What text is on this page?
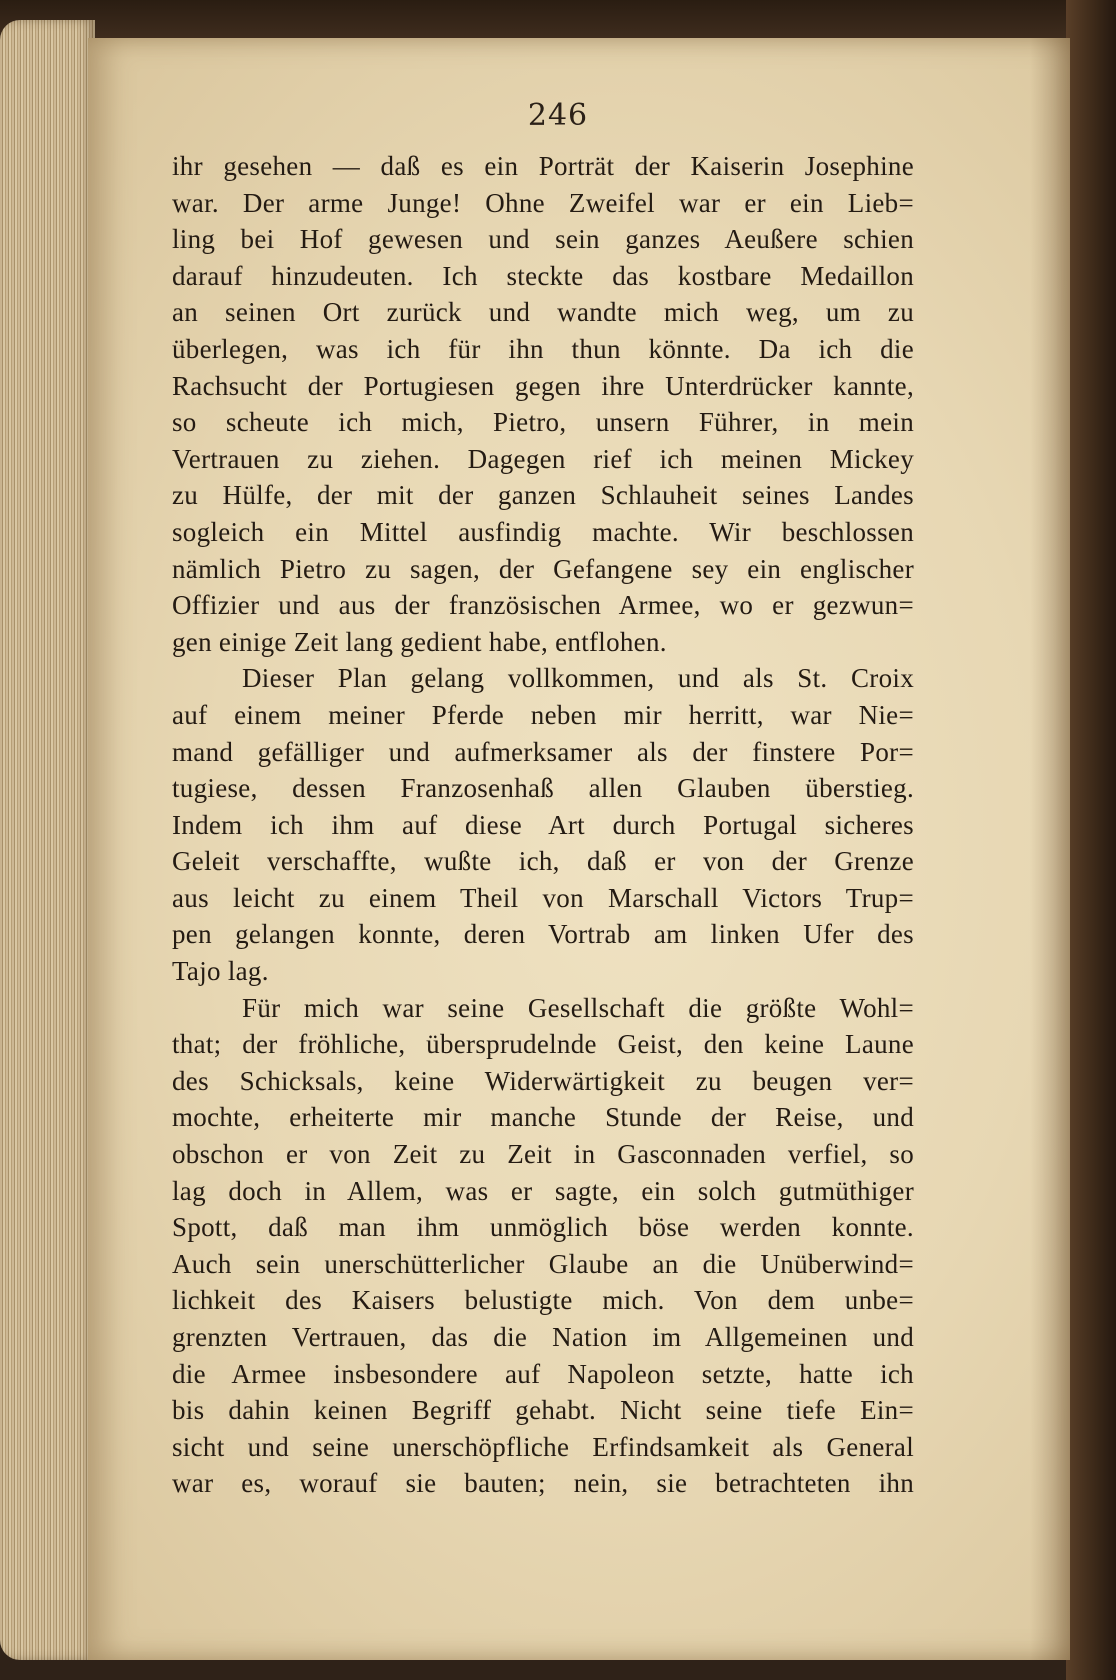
246
ihr gesehen — daß es ein Porträt der Kaiserin Josephine
war. Der arme Junge! Ohne Zweifel war er ein Lieb=
ling bei Hof gewesen und sein ganzes Aeußere schien
darauf hinzudeuten. Ich steckte das kostbare Medaillon
an seinen Ort zurück und wandte mich weg, um zu
überlegen, was ich für ihn thun könnte. Da ich die
Rachsucht der Portugiesen gegen ihre Unterdrücker kannte,
so scheute ich mich, Pietro, unsern Führer, in mein
Vertrauen zu ziehen. Dagegen rief ich meinen Mickey
zu Hülfe, der mit der ganzen Schlauheit seines Landes
sogleich ein Mittel ausfindig machte. Wir beschlossen
nämlich Pietro zu sagen, der Gefangene sey ein englischer
Offizier und aus der französischen Armee, wo er gezwun=
gen einige Zeit lang gedient habe, entflohen.
Dieser Plan gelang vollkommen, und als St. Croix
auf einem meiner Pferde neben mir herritt, war Nie=
mand gefälliger und aufmerksamer als der finstere Por=
tugiese, dessen Franzosenhaß allen Glauben überstieg.
Indem ich ihm auf diese Art durch Portugal sicheres
Geleit verschaffte, wußte ich, daß er von der Grenze
aus leicht zu einem Theil von Marschall Victors Trup=
pen gelangen konnte, deren Vortrab am linken Ufer des
Tajo lag.
Für mich war seine Gesellschaft die größte Wohl=
that; der fröhliche, übersprudelnde Geist, den keine Laune
des Schicksals, keine Widerwärtigkeit zu beugen ver=
mochte, erheiterte mir manche Stunde der Reise, und
obschon er von Zeit zu Zeit in Gasconnaden verfiel, so
lag doch in Allem, was er sagte, ein solch gutmüthiger
Spott, daß man ihm unmöglich böse werden konnte.
Auch sein unerschütterlicher Glaube an die Unüberwind=
lichkeit des Kaisers belustigte mich. Von dem unbe=
grenzten Vertrauen, das die Nation im Allgemeinen und
die Armee insbesondere auf Napoleon setzte, hatte ich
bis dahin keinen Begriff gehabt. Nicht seine tiefe Ein=
sicht und seine unerschöpfliche Erfindsamkeit als General
war es, worauf sie bauten; nein, sie betrachteten ihn
